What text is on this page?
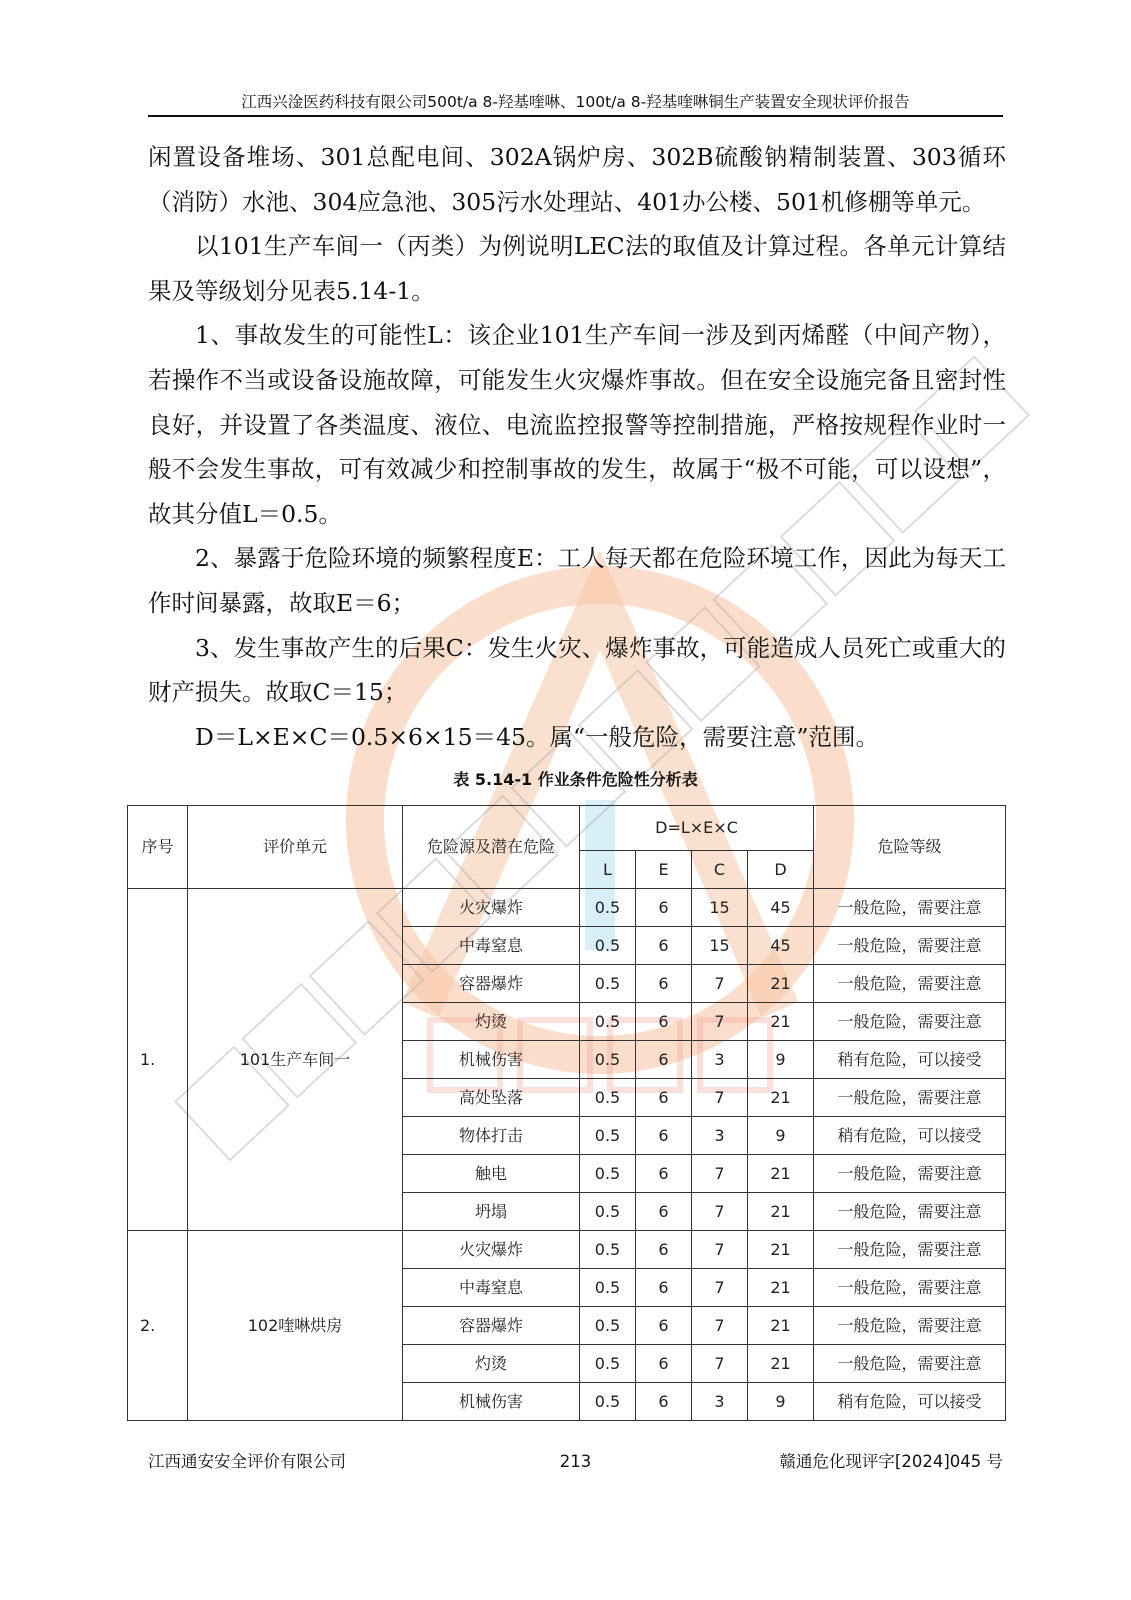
江西兴淦医药科技有限公司500t/a 8-羟基喹啉、100t/a 8-羟基喹啉铜生产装置安全现状评价报告

闲置设备堆场、301总配电间、302A锅炉房、302B硫酸钠精制装置、303循环（消防）水池、304应急池、305污水处理站、401办公楼、501机修棚等单元。

以101生产车间一（丙类）为例说明LEC法的取值及计算过程。各单元计算结果及等级划分见表5.14-1。

1、事故发生的可能性L：该企业101生产车间一涉及到丙烯醛（中间产物），若操作不当或设备设施故障，可能发生火灾爆炸事故。但在安全设施完备且密封性良好，并设置了各类温度、液位、电流监控报警等控制措施，严格按规程作业时一般不会发生事故，可有效减少和控制事故的发生，故属于“极不可能，可以设想”，故其分值L＝0.5。

2、暴露于危险环境的频繁程度E：工人每天都在危险环境工作，因此为每天工作时间暴露，故取E＝6；

3、发生事故产生的后果C：发生火灾、爆炸事故，可能造成人员死亡或重大的财产损失。故取C＝15；

D＝L×E×C＝0.5×6×15＝45。属“一般危险，需要注意”范围。

表 5.14-1 作业条件危险性分析表
序号	评价单元	危险源及潜在危险	D=L×E×C				危险等级
			L	E	C	D	
1.	101生产车间一	火灾爆炸	0.5	6	15	45	一般危险，需要注意
		中毒窒息	0.5	6	15	45	一般危险，需要注意
		容器爆炸	0.5	6	7	21	一般危险，需要注意
		灼烫	0.5	6	7	21	一般危险，需要注意
		机械伤害	0.5	6	3	9	稍有危险，可以接受
		高处坠落	0.5	6	7	21	一般危险，需要注意
		物体打击	0.5	6	3	9	稍有危险，可以接受
		触电	0.5	6	7	21	一般危险，需要注意
		坍塌	0.5	6	7	21	一般危险，需要注意
2.	102喹啉烘房	火灾爆炸	0.5	6	7	21	一般危险，需要注意
		中毒窒息	0.5	6	7	21	一般危险，需要注意
		容器爆炸	0.5	6	7	21	一般危险，需要注意
		灼烫	0.5	6	7	21	一般危险，需要注意
		机械伤害	0.5	6	3	9	稍有危险，可以接受
江西通安安全评价有限公司	213	赣通危化现评字[2024]045 号
